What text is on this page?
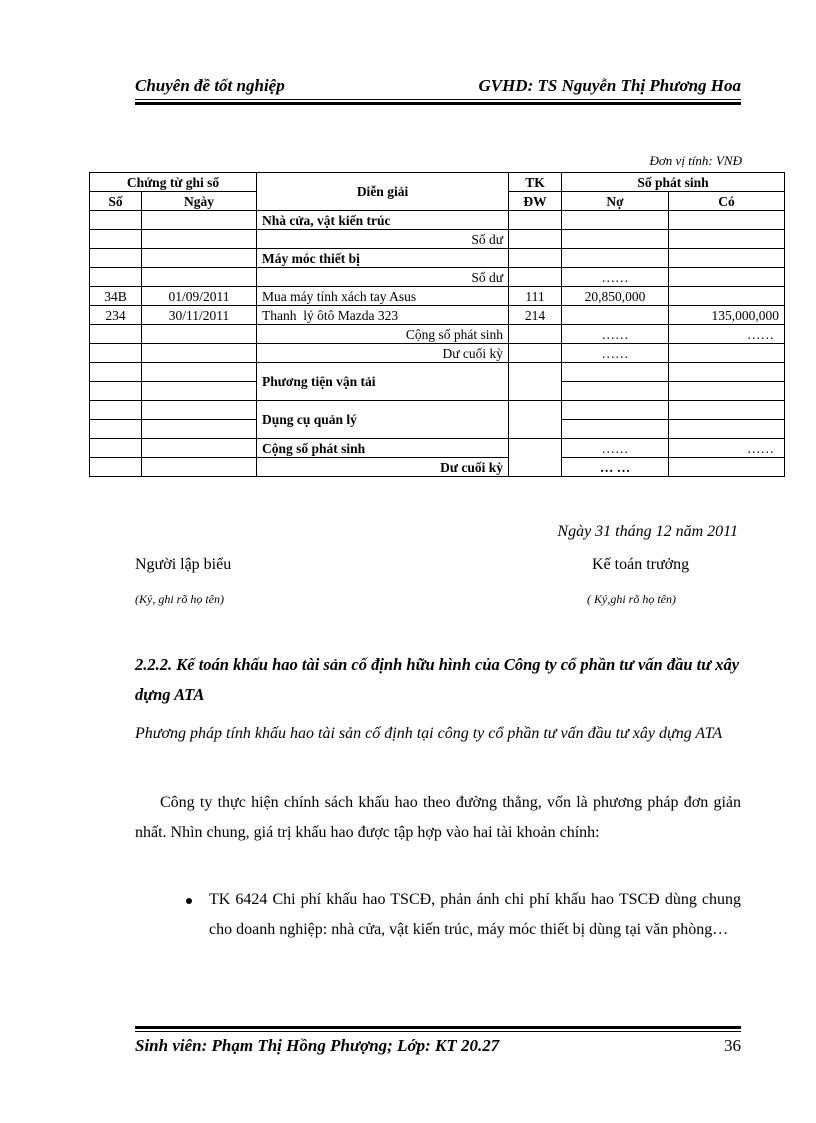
Chuyên đề tốt nghiệp	GVHD: TS Nguyễn Thị Phương Hoa
Đơn vị tính: VNĐ
Chứng từ ghi sổ		Diễn giải	TK	Số phát sinh	
Số	Ngày		ĐW	Nợ	Có
		Nhà cửa, vật kiến trúc			
		Số dư			
		Máy móc thiết bị			
		Số dư		……	
34B	01/09/2011	Mua máy tính xách tay Asus	111	20,850,000	
234	30/11/2011	Thanh  lý ôtô Mazda 323	214		135,000,000
		Cộng số phát sinh		……	……
		Dư cuối kỳ		……	
		Phương tiện vận tải			

		Dụng cụ quản lý			

		Cộng số phát sinh		……	……
		Dư cuối kỳ		… …	
Ngày 31 tháng 12 năm 2011
Người lập biểu	Kế toán trưởng
(Ký, ghi rõ họ tên)	( Ký,ghi rõ họ tên)
2.2.2. Kế toán khấu hao tài sản cố định hữu hình của Công ty cổ phần tư vấn đầu tư xây dựng ATA
Phương pháp tính khấu hao tài sản cố định tại công ty cổ phần tư vấn đầu tư xây dựng ATA
Công ty thực hiện chính sách khấu hao theo đường thẳng, vốn là phương pháp đơn giản nhất. Nhìn chung, giá trị khấu hao được tập hợp vào hai tài khoản chính:
TK 6424 Chi phí khấu hao TSCĐ, phản ánh chi phí khấu hao TSCĐ dùng chung cho doanh nghiệp: nhà cửa, vật kiến trúc, máy móc thiết bị dùng tại văn phòng…
Sinh viên: Phạm Thị Hồng Phượng; Lớp: KT 20.27	36
